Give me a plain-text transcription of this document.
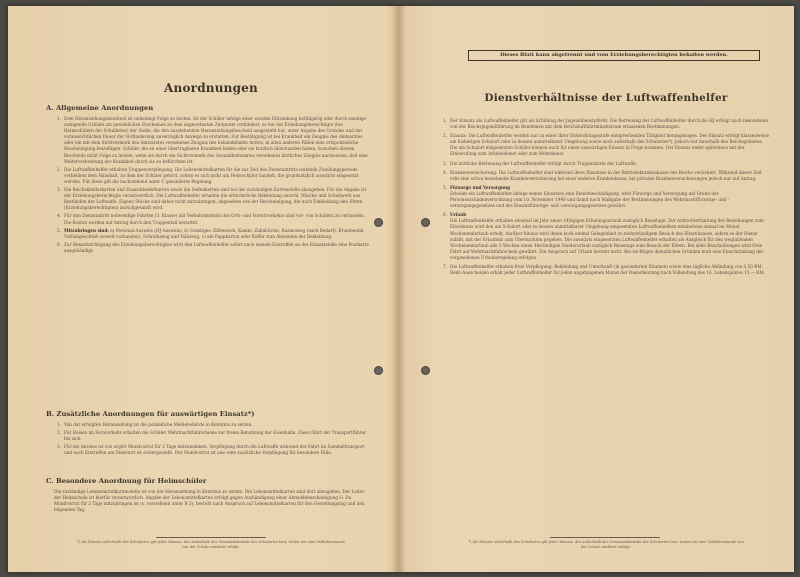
Anordnungen

A. Allgemeine Anordnungen

1. Dem Heranziehungsbescheid ist unbedingt Folge zu leisten. Ist der Schüler infolge einer ernsten Erkrankung bettlägerig oder durch sonstige zwingende Gründe am persönlichen Erscheinen zu dem angeordneten Zeitpunkt verhindert, so hat der Erziehungsberechtigte (bei Heimschülern der Schulleiter) der Stelle, die den ausstehenden Heranziehungsbescheid ausgestellt hat, unter Angabe des Grundes und der voraussichtlichen Dauer der Verhinderung unverzüglich Anzeige zu erstatten. Zur Bestätigung ist bei Krankheit ein Zeugnis des Amtsarztes oder ein mit dem Sichtvermerk des Amtsarztes versehenes Zeugnis des behandelnden Arztes, in allen anderen Fällen eine ortspolizeiliche Bescheinigung beizufügen. Schüler, die an einer übertragbaren Krankheit leiden oder sie kürzlich überstanden haben, brauchen diesem Bescheide nicht Folge zu leisten, wenn sie durch ein Sichtvermerk des Gesundheitsamtes versehenes ärztliches Zeugnis nachweisen, daß eine Weiterverbreitung der Krankheit durch sie zu befürchten ist.
2. Die Luftwaffenhelfer erhalten Truppenverpflegung. Die Lebensmittelkarten für die zur Zeit des Dienstantritts laufende Zuteilungsperiode verbleiben dem Haushalt, zu dem der Schüler gehört, sofern es sich nicht um Heimschüler handelt, die grundsätzlich auswärts eingesetzt werden. Für diese gilt die nachstehend unter C gesonderte Regelung.
3. Die Reichskleiderkarten und Zusatzkleiderkarten sowie die Seifenkarten sind bei der zuständigen Kartenstelle abzugeben. Für die Abgabe ist der Erziehungsberechtigte verantwortlich. Die Luftwaffenhelfer erhalten die erforderliche Bekleidung einschl. Wäsche und Schuhwerk aus Beständen der Luftwaffe. Eigene Stücke sind daher nicht mitzubringen, abgesehen von der Bescheinigung, die nach Einkleidung den Eltern (Erziehungsberechtigten) zurückgesandt wird.
4. Für den Dienstantritt notwendige Fahrten (3. Klasse) mit Verkehrsmitteln des Orts- und Vorortverkehrs sind vor- von Schülern zu vermeiden. Die Kosten werden auf Antrag durch den Truppenteil erstattet.
5. Mitzubringen sind: a) Personal-Ausweis (HJ-Ausweis), b) Sonstiges: Eßbesteck, Kamm, Zahnbürste, Rasierzeug (nach Bedarf), Brustbeutel, Vorhängeschloß (soweit vorhanden), Schreibzeug und Nähzeug. c) ein Pappkarton oder Koffer zum Absenden der Bekleidung.
6. Zur Benachrichtigung des Erziehungsberechtigten wird den Luftwaffenhelfer sofort nach seinem Eintreffen an der Einsatzstelle eine Postkarte ausgehändigt.

B. Zusätzliche Anordnungen für auswärtigen Einsatz*)

1. Von der erfolgten Heranziehung ist die polizeiliche Meldebehörde in Kenntnis zu setzen.
2. Für Reisen im Fernverkehr erhalten die Schüler Wehrmachtfahrscheine zur freien Benutzung der Eisenbahn. Diese führt der Transportführer bei sich.
3. Für die Anreise ist von ergibt Mundvorrat für 2 Tage mitzunehmen. Verpflegung durch die Luftwaffe während der Fahrt im Sammeltransport und nach Eintreffen am Dienstort ist sichergestellt. Der Mundvorrat ist also eine zusätzliche Verpflegung für besondere Fälle.

C. Besondere Anordnung für Heimschüler

Die zuständige Lebensmittelkartenstelle ist von der Heranziehung in Kenntnis zu setzen. Die Lebensmittelkarten sind dort abzugeben. Der Leiter der Heimschule ist hierfür verantwortlich. Abgabe der Lebensmittelkarten erfolgt gegen Aushändigung einer Abmeldebescheinigung G. Da Mundvorrat für 2 Tage mitzubringen ist (s. vorstehend unter B 3), besteht nach Anspruch auf Lebensmittelkarten für den Gestellungstag und den folgenden Tag.
*) Als Einsatz außerhalb des Schulortes gilt jeder Einsatz, der außerhalb des Gemeindebezirks des Schulortes bzw. weiter als eine Verkehrsstunde von der Schule entfernt erfolgt.
Dieses Blatt kann abgetrennt und vom Erziehungsberechtigten behalten werden.

Dienstverhältnisse der Luftwaffenhelfer

1. Der Einsatz als Luftwaffenhelfer gilt als Erfüllung der Jugenddienstpflicht. Die Betreuung der Luftwaffenhelfer durch die HJ erfolgt nach besonderen von der Reichsjugendführung im Benehmen mit dem Reichsluftfahrtministerium erlassenen Bestimmungen.
2. Einsatz: Die Luftwaffenhelfer werden nur zu einer ihrer Entwicklungsstufe entsprechenden Tätigkeit herangezogen. Der Einsatz erfolgt klassenweise am bisherigen Schulort oder in dessen unmittelbarer Umgebung sowie auch außerhalb des Schulortes*), jedoch nur innerhalb des Reichsgebietes. Die am Schulort eingesetzten Schüler können auch für einen auswärtigen Einsatz in Frage kommen. Der Einsatz endet spätestens mit der Einberufung zum Arbeitsdienst oder zum Wehrdienst.
3. Die ärztliche Betreuung der Luftwaffenhelfer erfolgt durch Truppenärzte der Luftwaffe.
4. Krankenversicherung: Die Luftwaffenhelfer sind während ihres Einsatzes in der Betriebskrankenkasse des Reichs versichert. Während dieser Zeit ruht eine schon bestehende Krankenversicherung bei einer anderen Krankenkasse, bei privaten Krankenversicherungen jedoch nur auf Antrag.
5. Fürsorge und Versorgung
Erleidet ein Luftwaffenhelfer infolge seines Einsatzes eine Dienstbeschädigung, wird Fürsorge und Versorgung auf Grund der Personenschädenverordnung vom 10. November 1940 und damit nach Maßgabe der Bestimmungen des Wehrmachtfürsorge- und -versorgungsgesetzes und des Einsatzfürsorge- und -versorgungsgesetzes gewährt.
6. Urlaub
Die Luftwaffenhelfer erhalten zweimal im Jahr einen 14tägigen Erholungsurlaub zuzüglich Reisetage. Zur Aufrechterhaltung der Beziehungen zum Elternhaus wird den am Schulort oder in dessen unmittelbarer Umgebung eingesetzten Luftwaffenhelfern mindestens einmal im Monat Wochenendurlaub erteilt, darüber hinaus wird ihnen noch einmal Gelegenheit zu mehrstündigem Besuch des Elternhauses, sofern es der Dienst zuläßt, mit der Erlaubnis zum Übernachten gegeben. Die auswärts eingesetzten Luftwaffenhelfer erhalten als Ausgleich für den wegfallenden Wochenendurlaub alle 5 Wochen einen 48stündigen Sonderurlaub zuzüglich Reisetage zum Besuch der Eltern. Bei allen Beurlaubungen wird freie Fahrt auf Wehrmachtfahrschein gewährt. Ein Anspruch auf Urlaub besteht nicht. Bei wichtigen dienstlichen Gründen muß eine Einschränkung der vorgesehenen Urlaubsregelung erfolgen.
7. Die Luftwaffenhelfer erhalten freie Verpflegung, Bekleidung und Unterkunft (in gesonderten Räumen) sowie eine tägliche Abfindung von 0,50 RM. Beim Ausscheiden erhält jeder Luftwaffenhelfer für jeden angefangenen Monat der Dienstleistung nach Vollendung des 16. Lebensjahres 15,— RM.
*) Als Einsatz außerhalb des Schulortes gilt jeder Einsatz, der außerhalb des Gemeindebezirks des Schulortes bzw. weiter als eine Verkehrsstunde von der Schule entfernt erfolgt.
